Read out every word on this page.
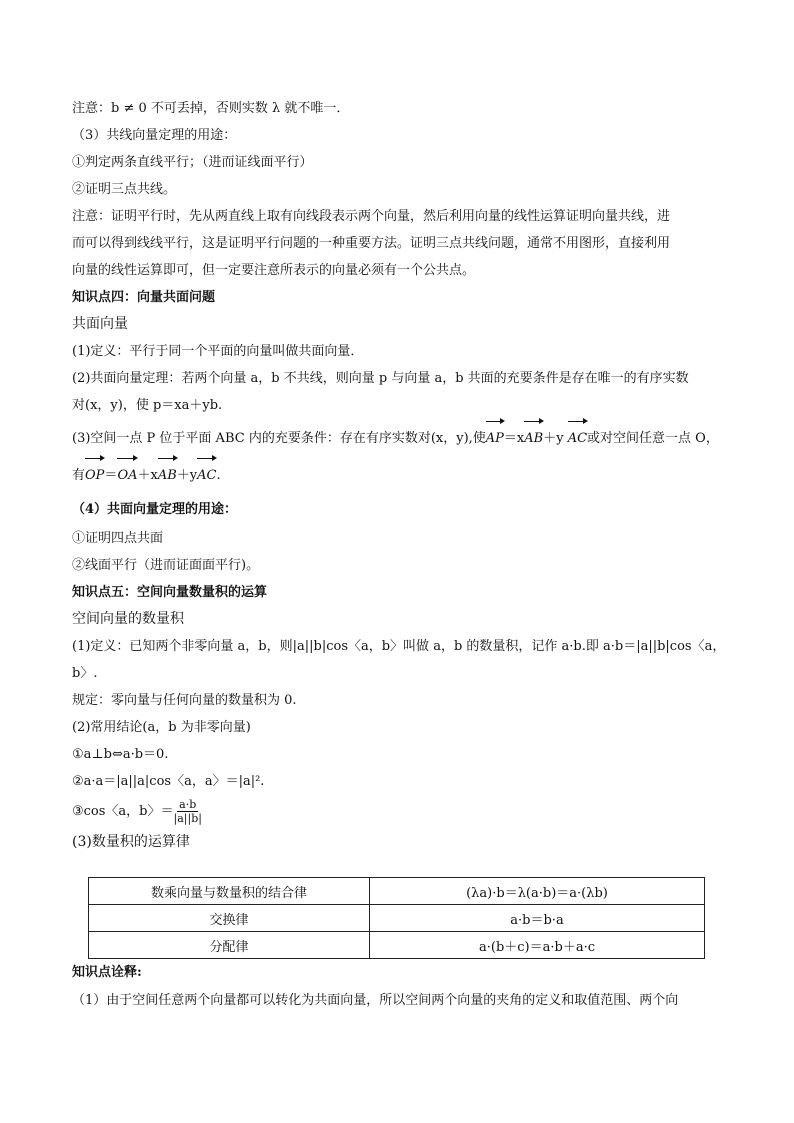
注意：b ≠ 0 不可丢掉，否则实数 λ 就不唯一．
（3）共线向量定理的用途：
①判定两条直线平行；（进而证线面平行）
②证明三点共线。
注意：证明平行时，先从两直线上取有向线段表示两个向量，然后利用向量的线性运算证明向量共线，进
而可以得到线线平行，这是证明平行问题的一种重要方法。证明三点共线问题，通常不用图形，直接利用
向量的线性运算即可，但一定要注意所表示的向量必须有一个公共点。
知识点四：向量共面问题
共面向量
(1)定义：平行于同一个平面的向量叫做共面向量．
(2)共面向量定理：若两个向量 a，b 不共线，则向量 p 与向量 a，b 共面的充要条件是存在唯一的有序实数
对(x，y)，使 p＝xa＋yb.
(3)空间一点 P 位于平面 ABC 内的充要条件：存在有序实数对(x，y),使AP＝xAB＋y AC或对空间任意一点 O，
有OP＝OA＋xAB＋yAC.
（4）共面向量定理的用途：
①证明四点共面
②线面平行（进而证面面平行)。
知识点五：空间向量数量积的运算
空间向量的数量积
(1)定义：已知两个非零向量 a，b，则|a||b|cos〈a，b〉叫做 a，b 的数量积，记作 a·b.即 a·b＝|a||b|cos〈a，
b〉.
规定：零向量与任何向量的数量积为 0.
(2)常用结论(a，b 为非零向量)
①a⊥b⇔a·b＝0.
②a·a＝|a||a|cos〈a，a〉＝|a|².
③cos〈a，b〉＝ $\frac{a\cdot b}{|a||b|}$
(3)数量积的运算律
数乘向量与数量积的结合律	(λa)·b＝λ(a·b)＝a·(λb)
交换律	a·b＝b·a
分配律	a·(b＋c)＝a·b＋a·c
知识点诠释:
（1）由于空间任意两个向量都可以转化为共面向量，所以空间两个向量的夹角的定义和取值范围、两个向
